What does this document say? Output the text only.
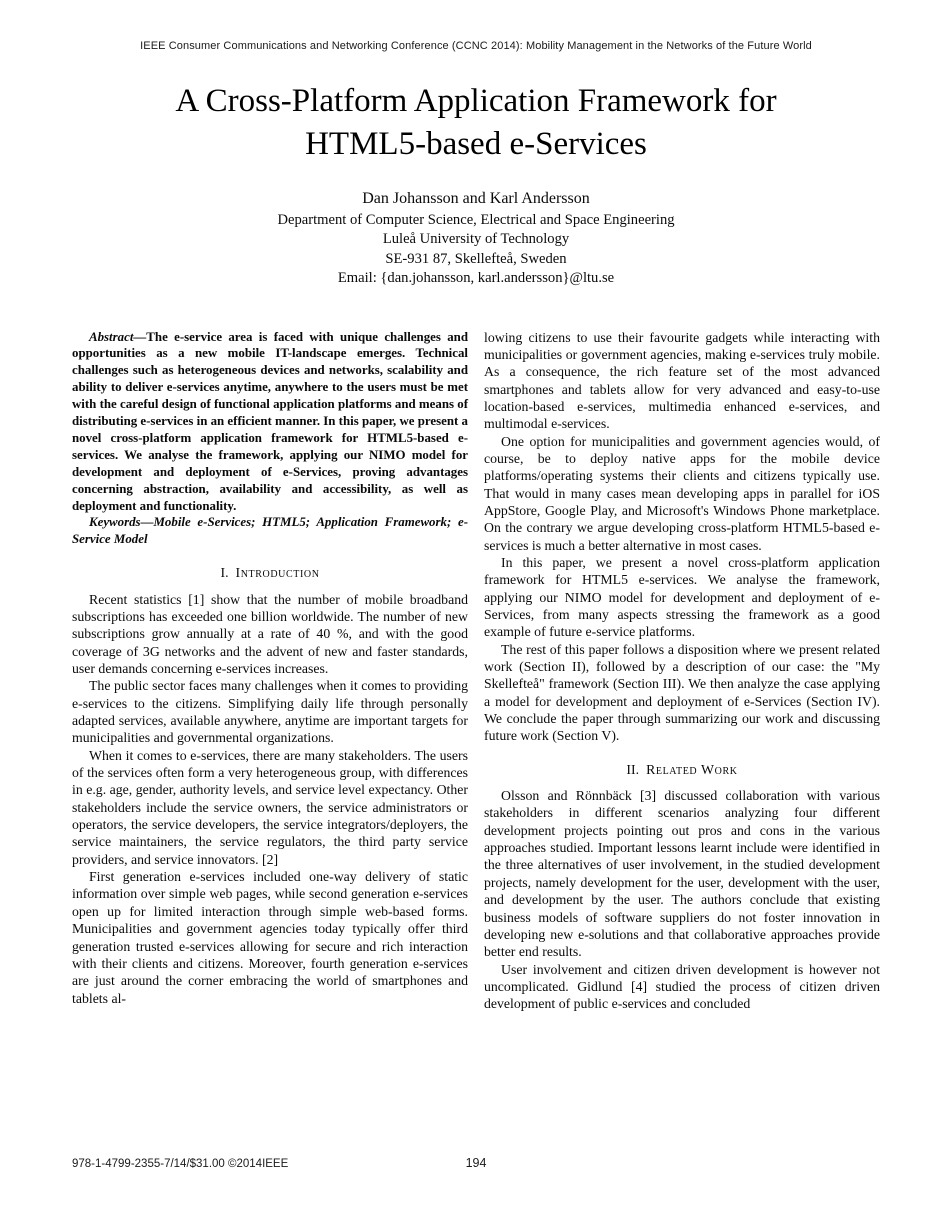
IEEE Consumer Communications and Networking Conference (CCNC 2014): Mobility Management in the Networks of the Future World
A Cross-Platform Application Framework for
HTML5-based e-Services
Dan Johansson and Karl Andersson
Department of Computer Science, Electrical and Space Engineering
Luleå University of Technology
SE-931 87, Skellefteå, Sweden
Email: {dan.johansson, karl.andersson}@ltu.se

Abstract—The e-service area is faced with unique challenges and opportunities as a new mobile IT-landscape emerges. Technical challenges such as heterogeneous devices and networks, scalability and ability to deliver e-services anytime, anywhere to the users must be met with the careful design of functional application platforms and means of distributing e-services in an efficient manner. In this paper, we present a novel cross-platform application framework for HTML5-based e-services. We analyse the framework, applying our NIMO model for development and deployment of e-Services, proving advantages concerning abstraction, availability and accessibility, as well as deployment and functionality.

Keywords—Mobile e-Services; HTML5; Application Framework; e-Service Model

I. Introduction

Recent statistics [1] show that the number of mobile broadband subscriptions has exceeded one billion worldwide. The number of new subscriptions grow annually at a rate of 40 %, and with the good coverage of 3G networks and the advent of new and faster standards, user demands concerning e-services increases.

The public sector faces many challenges when it comes to providing e-services to the citizens. Simplifying daily life through personally adapted services, available anywhere, anytime are important targets for municipalities and governmental organizations.

When it comes to e-services, there are many stakeholders. The users of the services often form a very heterogeneous group, with differences in e.g. age, gender, authority levels, and service level expectancy. Other stakeholders include the service owners, the service administrators or operators, the service developers, the service integrators/deployers, the service maintainers, the service regulators, the third party service providers, and service innovators. [2]

First generation e-services included one-way delivery of static information over simple web pages, while second generation e-services open up for limited interaction through simple web-based forms. Municipalities and government agencies today typically offer third generation trusted e-services allowing for secure and rich interaction with their clients and citizens. Moreover, fourth generation e-services are just around the corner embracing the world of smartphones and tablets al-

lowing citizens to use their favourite gadgets while interacting with municipalities or government agencies, making e-services truly mobile. As a consequence, the rich feature set of the most advanced smartphones and tablets allow for very advanced and easy-to-use location-based e-services, multimedia enhanced e-services, and multimodal e-services.

One option for municipalities and government agencies would, of course, be to deploy native apps for the mobile device platforms/operating systems their clients and citizens typically use. That would in many cases mean developing apps in parallel for iOS AppStore, Google Play, and Microsoft's Windows Phone marketplace. On the contrary we argue developing cross-platform HTML5-based e-services is much a better alternative in most cases.

In this paper, we present a novel cross-platform application framework for HTML5 e-services. We analyse the framework, applying our NIMO model for development and deployment of e-Services, from many aspects stressing the framework as a good example of future e-service platforms.

The rest of this paper follows a disposition where we present related work (Section II), followed by a description of our case: the "My Skellefteå" framework (Section III). We then analyze the case applying a model for development and deployment of e-Services (Section IV). We conclude the paper through summarizing our work and discussing future work (Section V).

II. Related Work

Olsson and Rönnbäck [3] discussed collaboration with various stakeholders in different scenarios analyzing four different development projects pointing out pros and cons in the various approaches studied. Important lessons learnt include were identified in the three alternatives of user involvement, in the studied development projects, namely development for the user, development with the user, and development by the user. The authors conclude that existing business models of software suppliers do not foster innovation in developing new e-solutions and that collaborative approaches provide better end results.

User involvement and citizen driven development is however not uncomplicated. Gidlund [4] studied the process of citizen driven development of public e-services and concluded

978-1-4799-2355-7/14/$31.00 ©2014IEEE	194
